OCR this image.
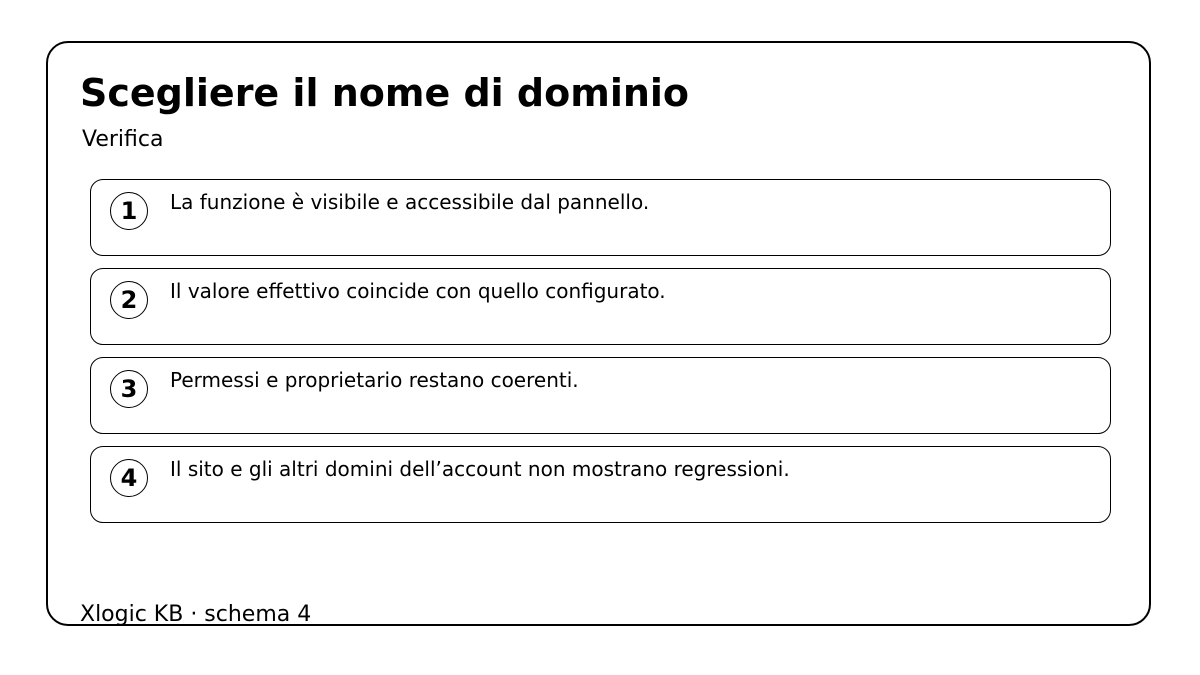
Scegliere il nome di dominio
Verifica
1	La funzione è visibile e accessibile dal pannello.
2	Il valore effettivo coincide con quello configurato.
3	Permessi e proprietario restano coerenti.
4	Il sito e gli altri domini dell’account non mostrano regressioni.
Xlogic KB · schema 4
